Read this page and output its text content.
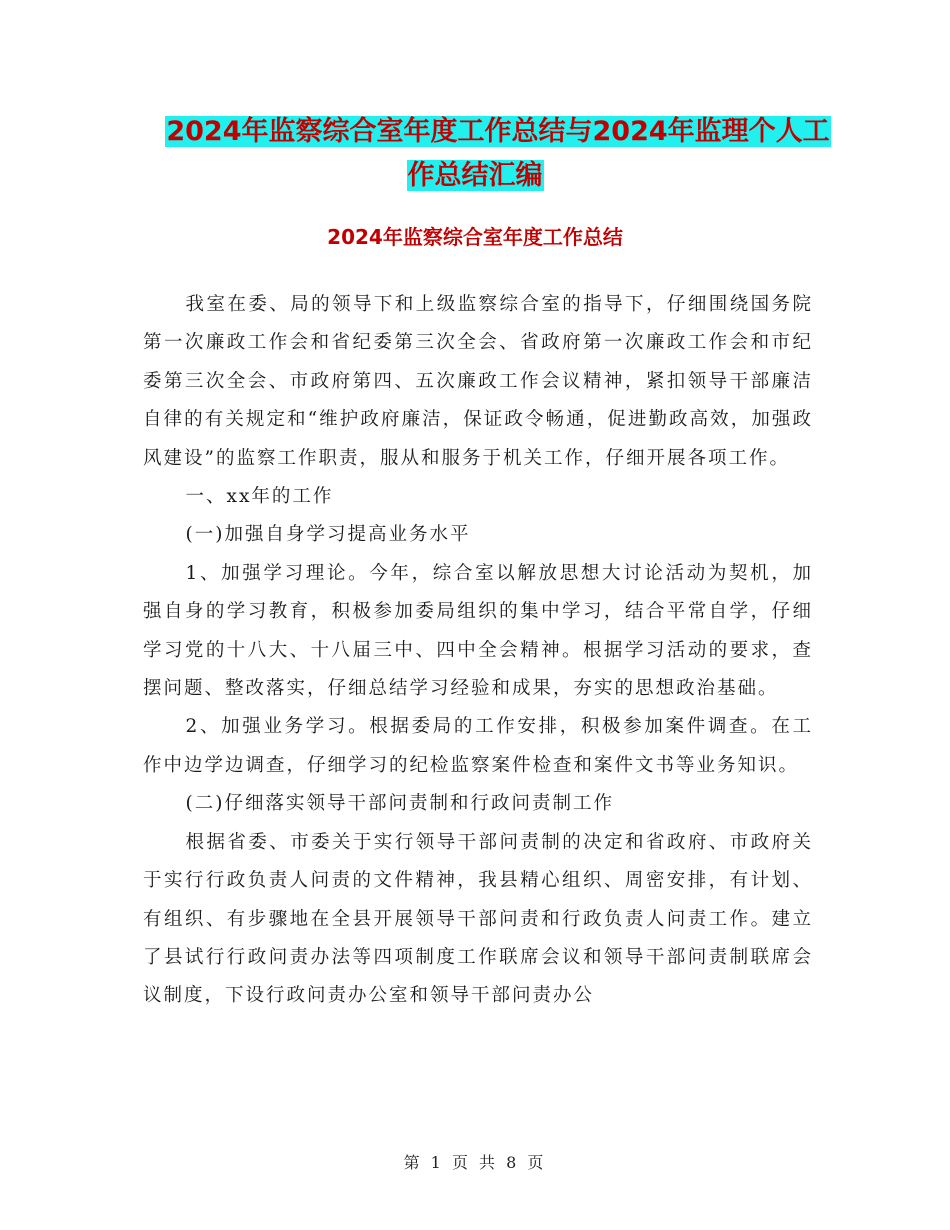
2024年监察综合室年度工作总结与2024年监理个人工
作总结汇编
2024年监察综合室年度工作总结

我室在委、局的领导下和上级监察综合室的指导下，仔细围绕国务院第一次廉政工作会和省纪委第三次全会、省政府第一次廉政工作会和市纪委第三次全会、市政府第四、五次廉政工作会议精神，紧扣领导干部廉洁自律的有关规定和“维护政府廉洁，保证政令畅通，促进勤政高效，加强政风建设”的监察工作职责，服从和服务于机关工作，仔细开展各项工作。

一、xx年的工作

(一)加强自身学习提高业务水平

1、加强学习理论。今年，综合室以解放思想大讨论活动为契机，加强自身的学习教育，积极参加委局组织的集中学习，结合平常自学，仔细学习党的十八大、十八届三中、四中全会精神。根据学习活动的要求，查摆问题、整改落实，仔细总结学习经验和成果，夯实的思想政治基础。

2、加强业务学习。根据委局的工作安排，积极参加案件调查。在工作中边学边调查，仔细学习的纪检监察案件检查和案件文书等业务知识。

(二)仔细落实领导干部问责制和行政问责制工作

根据省委、市委关于实行领导干部问责制的决定和省政府、市政府关于实行行政负责人问责的文件精神，我县精心组织、周密安排，有计划、有组织、有步骤地在全县开展领导干部问责和行政负责人问责工作。建立了县试行行政问责办法等四项制度工作联席会议和领导干部问责制联席会议制度，下设行政问责办公室和领导干部问责办公

第 1 页 共 8 页
